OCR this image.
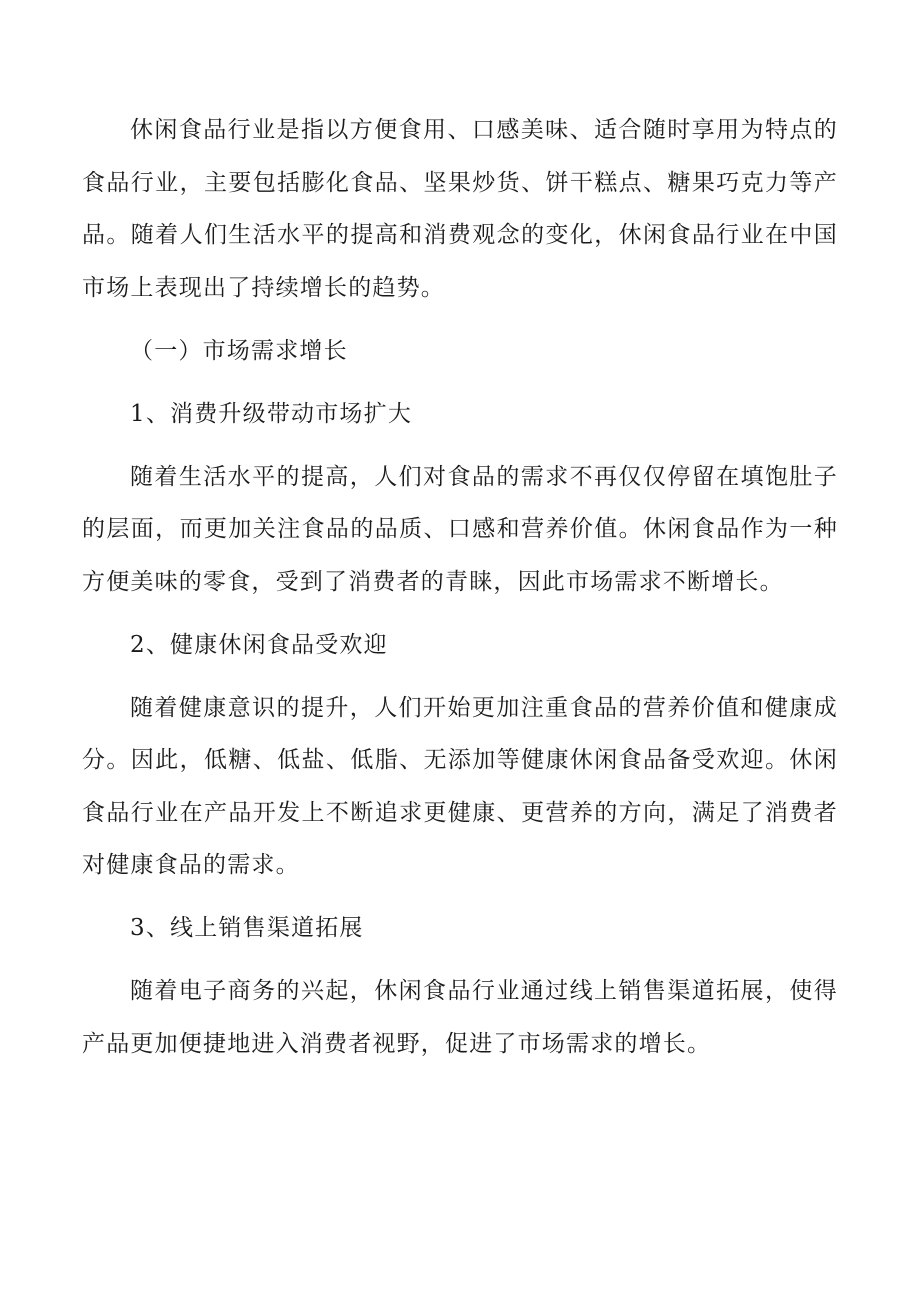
休闲食品行业是指以方便食用、口感美味、适合随时享用为特点的食品行业，主要包括膨化食品、坚果炒货、饼干糕点、糖果巧克力等产品。随着人们生活水平的提高和消费观念的变化，休闲食品行业在中国市场上表现出了持续增长的趋势。

（一）市场需求增长

1、消费升级带动市场扩大

随着生活水平的提高，人们对食品的需求不再仅仅停留在填饱肚子的层面，而更加关注食品的品质、口感和营养价值。休闲食品作为一种方便美味的零食，受到了消费者的青睐，因此市场需求不断增长。

2、健康休闲食品受欢迎

随着健康意识的提升，人们开始更加注重食品的营养价值和健康成分。因此，低糖、低盐、低脂、无添加等健康休闲食品备受欢迎。休闲食品行业在产品开发上不断追求更健康、更营养的方向，满足了消费者对健康食品的需求。

3、线上销售渠道拓展

随着电子商务的兴起，休闲食品行业通过线上销售渠道拓展，使得产品更加便捷地进入消费者视野，促进了市场需求的增长。
